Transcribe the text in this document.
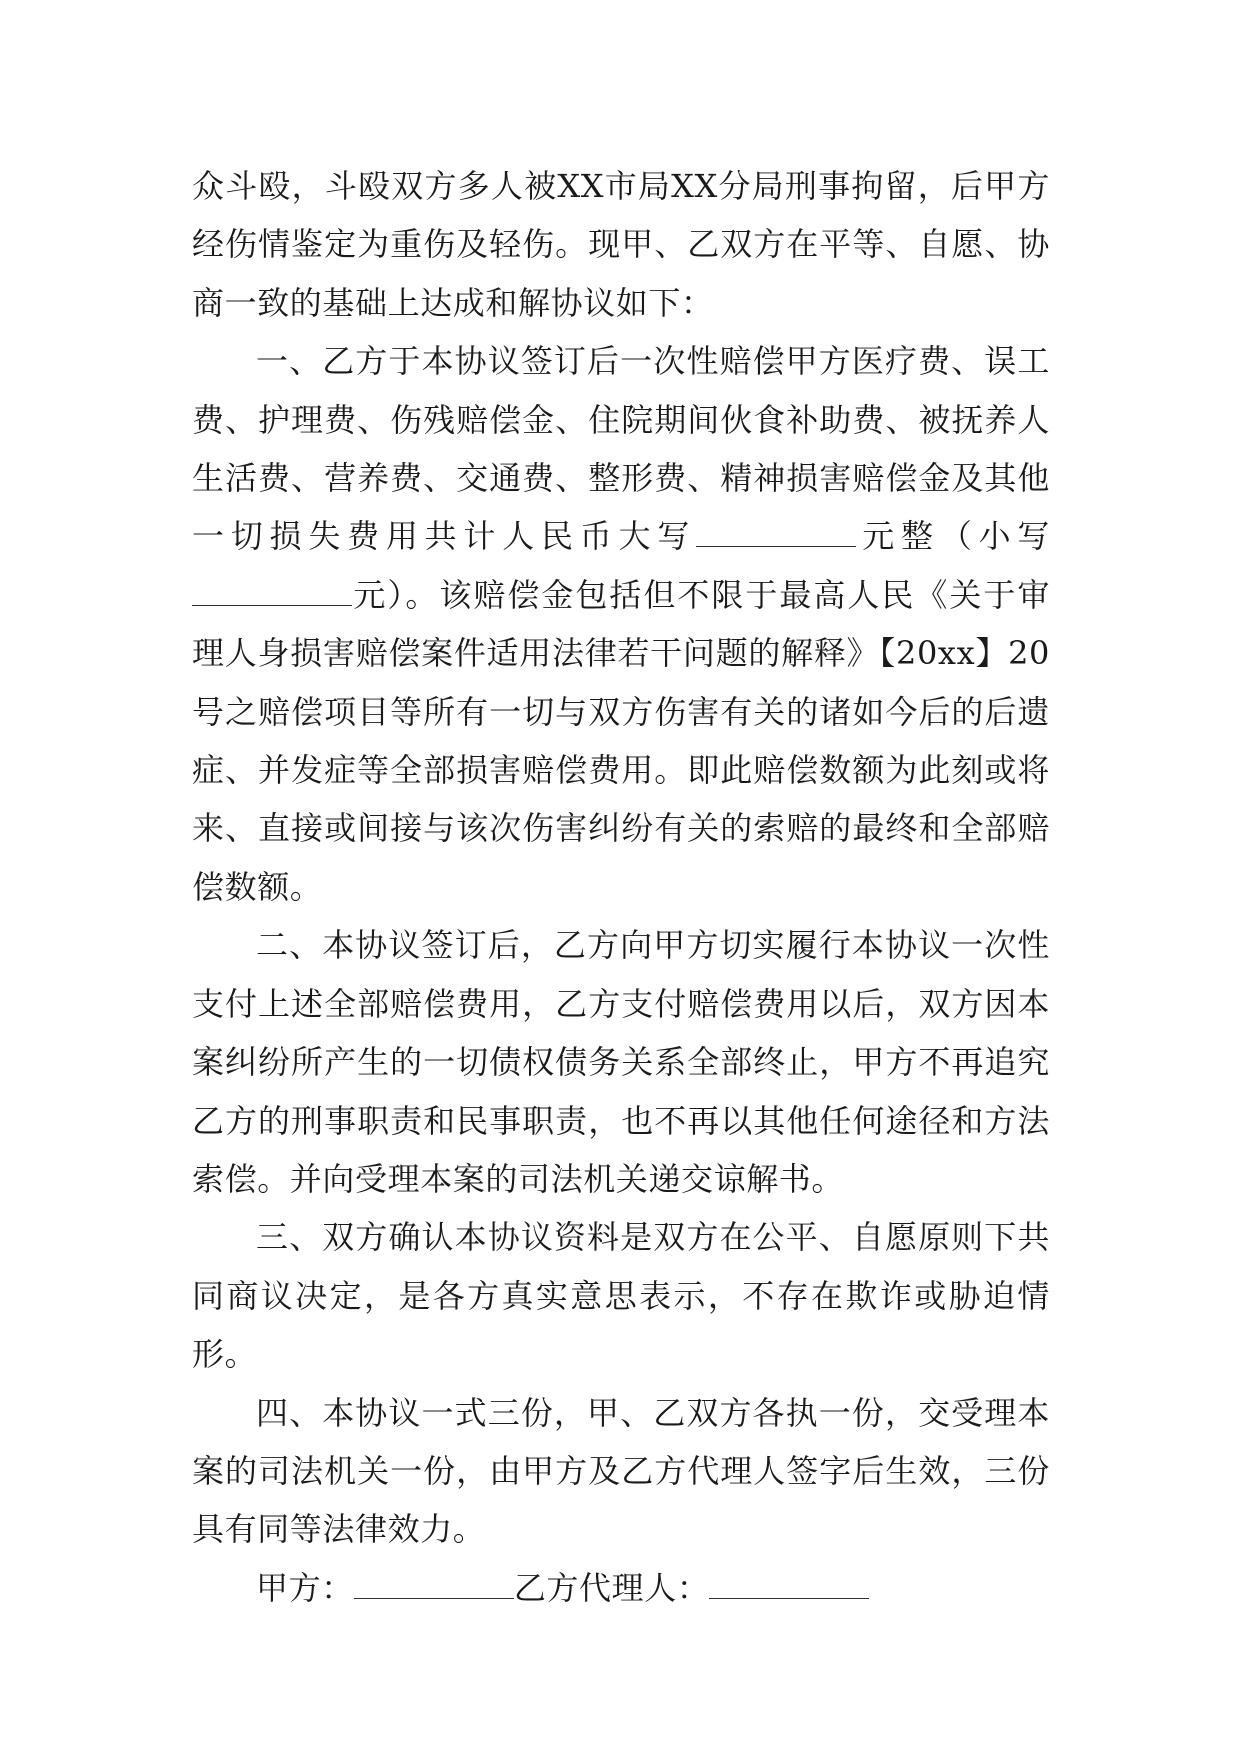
众斗殴，斗殴双方多人被XX市局XX分局刑事拘留，后甲方经伤情鉴定为重伤及轻伤。现甲、乙双方在平等、自愿、协商一致的基础上达成和解协议如下：

一、乙方于本协议签订后一次性赔偿甲方医疗费、误工费、护理费、伤残赔偿金、住院期间伙食补助费、被抚养人生活费、营养费、交通费、整形费、精神损害赔偿金及其他一切损失费用共计人民币大写	元整（小写元）。该赔偿金包括但不限于最高人民《关于审理人身损害赔偿案件适用法律若干问题的解释》【20xx】20号之赔偿项目等所有一切与双方伤害有关的诸如今后的后遗症、并发症等全部损害赔偿费用。即此赔偿数额为此刻或将来、直接或间接与该次伤害纠纷有关的索赔的最终和全部赔偿数额。

二、本协议签订后，乙方向甲方切实履行本协议一次性支付上述全部赔偿费用，乙方支付赔偿费用以后，双方因本案纠纷所产生的一切债权债务关系全部终止，甲方不再追究乙方的刑事职责和民事职责，也不再以其他任何途径和方法索偿。并向受理本案的司法机关递交谅解书。

三、双方确认本协议资料是双方在公平、自愿原则下共同商议决定，是各方真实意思表示，不存在欺诈或胁迫情形。

四、本协议一式三份，甲、乙双方各执一份，交受理本案的司法机关一份，由甲方及乙方代理人签字后生效，三份具有同等法律效力。

甲方：	乙方代理人：
